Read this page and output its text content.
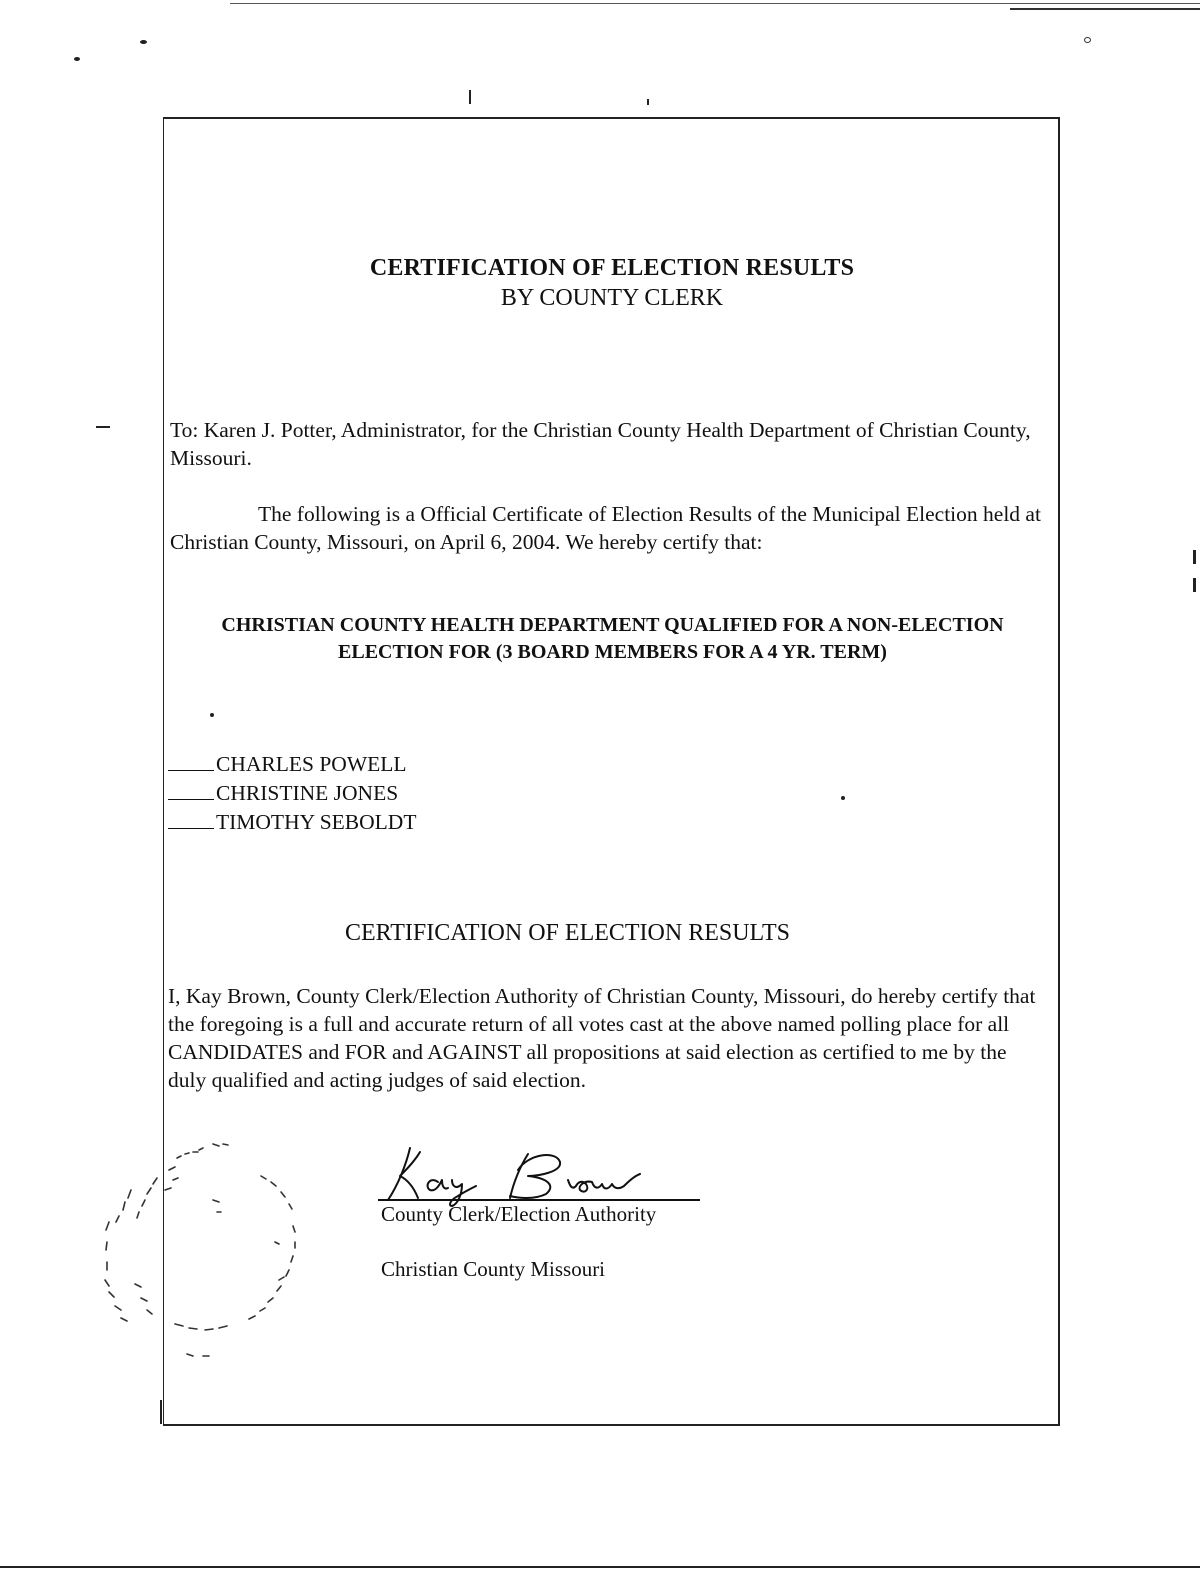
CERTIFICATION OF ELECTION RESULTS
BY COUNTY CLERK
To: Karen J. Potter, Administrator, for the Christian County Health Department of Christian County, Missouri.
The following is a Official Certificate of Election Results of the Municipal Election held at Christian County, Missouri, on April 6, 2004. We hereby certify that:
CHRISTIAN COUNTY HEALTH DEPARTMENT QUALIFIED FOR A NON-ELECTION ELECTION FOR (3 BOARD MEMBERS FOR A 4 YR. TERM)
CHARLES POWELL
CHRISTINE JONES
TIMOTHY SEBOLDT
CERTIFICATION OF ELECTION RESULTS
I, Kay Brown, County Clerk/Election Authority of Christian County, Missouri, do hereby certify that the foregoing is a full and accurate return of all votes cast at the above named polling place for all CANDIDATES and FOR and AGAINST all propositions at said election as certified to me by the duly qualified and acting judges of said election.
County Clerk/Election Authority
Christian County Missouri
